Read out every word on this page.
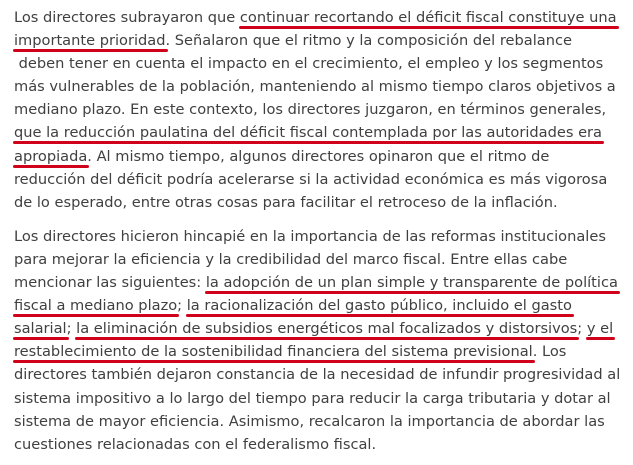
Los directores subrayaron que continuar recortando el déficit fiscal constituye una
importante prioridad. Señalaron que el ritmo y la composición del rebalance
deben tener en cuenta el impacto en el crecimiento, el empleo y los segmentos
más vulnerables de la población, manteniendo al mismo tiempo claros objetivos a
mediano plazo. En este contexto, los directores juzgaron, en términos generales,
que la reducción paulatina del déficit fiscal contemplada por las autoridades era
apropiada. Al mismo tiempo, algunos directores opinaron que el ritmo de
reducción del déficit podría acelerarse si la actividad económica es más vigorosa
de lo esperado, entre otras cosas para facilitar el retroceso de la inflación.
Los directores hicieron hincapié en la importancia de las reformas institucionales
para mejorar la eficiencia y la credibilidad del marco fiscal. Entre ellas cabe
mencionar las siguientes: la adopción de un plan simple y transparente de política
fiscal a mediano plazo; la racionalización del gasto público, incluido el gasto
salarial; la eliminación de subsidios energéticos mal focalizados y distorsivos; y el
restablecimiento de la sostenibilidad financiera del sistema previsional. Los
directores también dejaron constancia de la necesidad de infundir progresividad al
sistema impositivo a lo largo del tiempo para reducir la carga tributaria y dotar al
sistema de mayor eficiencia. Asimismo, recalcaron la importancia de abordar las
cuestiones relacionadas con el federalismo fiscal.
